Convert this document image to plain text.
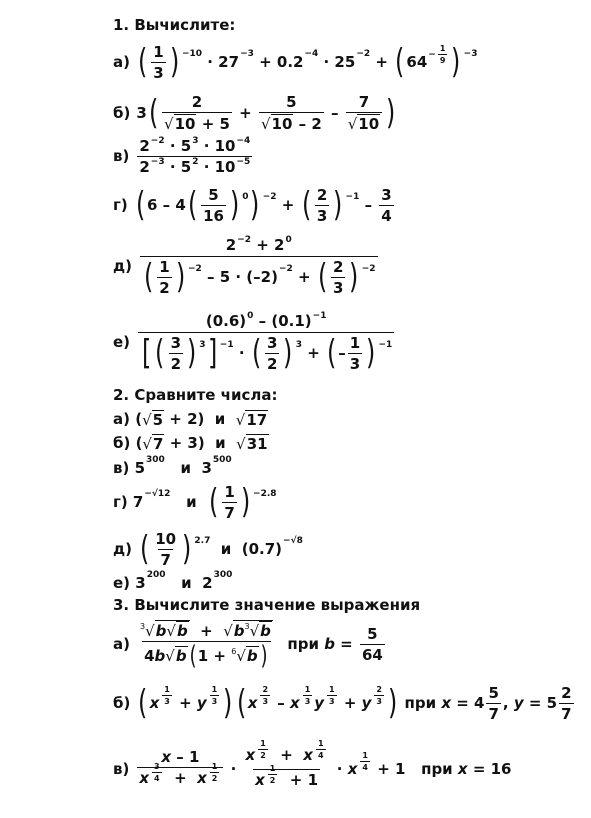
1. Вычислите:
а) ( $\frac{1}{3}$ ) −10 · 27 −3 + 0.2 −4 · 25 −2 + ( $64 - \frac{1}{9}$ ) −3
б) 3 ( $\frac{2}{√ 10 + 5} + \frac{5}{√ 10 - 2} - \frac{7}{√ 10}$ )
$в) \frac{2^{-2} \cdot 5^3 \cdot 10^{-4}}{2^{-3} \cdot 5^2 \cdot 10^{-5}}$
г) ( 6 – 4 ( $\frac{5}{16}$ ) 0 ) −2 + ( $\frac{2}{3}$ ) $-1 - \frac{3}{4}$
$д) \frac{2^{-2} + 2^0}{( \frac{1}{2} ) -2 - 5 \cdot (-2) -2 + ( \frac{2}{3} ) -2}$
$е) \frac{(0.6)^0 - (0.1)^{-1}}{[ ( \frac{3}{2} ) 3 ] -1 \cdot ( \frac{3}{2} ) 3 + ( - \frac{1}{3} ) -1}$
2. Сравните числа:
а) ( √ 5 + 2)  и √ 17
б) ( √ 7 + 3)  и √ 31
в) 5 300 и  3 500
г) 7 −√12 и ( $\frac{1}{7}$ ) −2.8
д) ( $\frac{10}{7}$ ) 2.7 и  (0.7) −√8
е) 3 200 и  2 300
3. Вычислите значение выражения
$а) \frac{^3√ b √ b + √ b ^3√ b}{4 b √ b ( 1 + ^6√ b )}$ при $b = \frac{5}{64}$
б) ( x $\frac{1}{3} + y \frac{1}{3}$ ) ( x $\frac{2}{3}$ – x $\frac{1}{3}$ y $\frac{1}{3} + y \frac{2}{3}$ ) при $x = 4 \frac{5}{7}$ , $y = 5 \frac{2}{7}$
в) x – 1
x $^{\frac{3}{4}}$ +  x $^{\frac{1}{2}}$ · x $^{\frac{1}{2}}$ +  x $^{\frac{1}{4}}$
x $^{\frac{1}{2}}$ + 1 · x $\frac{1}{4} + 1$   при x = 16
